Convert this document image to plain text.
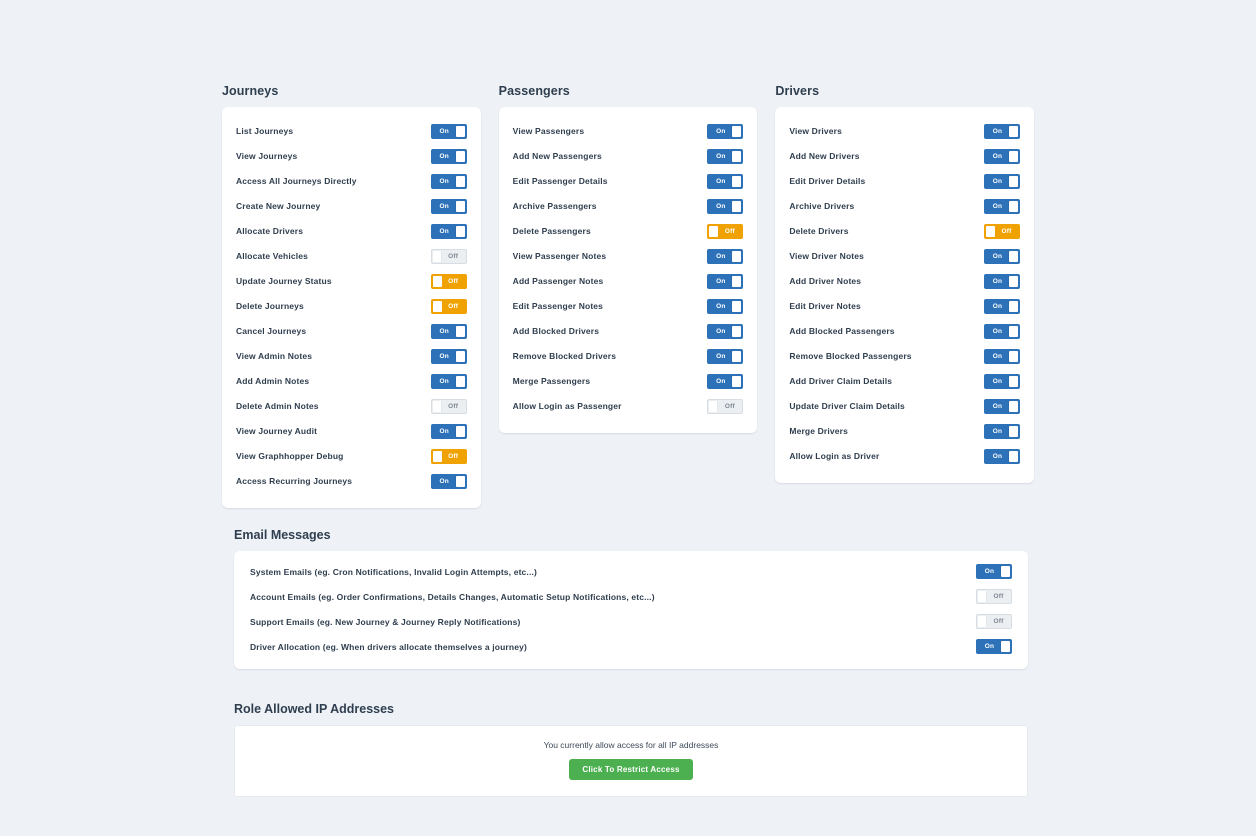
Journeys
List Journeys	On
View Journeys	On
Access All Journeys Directly	On
Create New Journey	On
Allocate Drivers	On
Allocate Vehicles	Off
Update Journey Status	Off
Delete Journeys	Off
Cancel Journeys	On
View Admin Notes	On
Add Admin Notes	On
Delete Admin Notes	Off
View Journey Audit	On
View Graphhopper Debug	Off
Access Recurring Journeys	On
Passengers
View Passengers	On
Add New Passengers	On
Edit Passenger Details	On
Archive Passengers	On
Delete Passengers	Off
View Passenger Notes	On
Add Passenger Notes	On
Edit Passenger Notes	On
Add Blocked Drivers	On
Remove Blocked Drivers	On
Merge Passengers	On
Allow Login as Passenger	Off
Drivers
View Drivers	On
Add New Drivers	On
Edit Driver Details	On
Archive Drivers	On
Delete Drivers	Off
View Driver Notes	On
Add Driver Notes	On
Edit Driver Notes	On
Add Blocked Passengers	On
Remove Blocked Passengers	On
Add Driver Claim Details	On
Update Driver Claim Details	On
Merge Drivers	On
Allow Login as Driver	On
Email Messages
System Emails (eg. Cron Notifications, Invalid Login Attempts, etc...)	On
Account Emails (eg. Order Confirmations, Details Changes, Automatic Setup Notifications, etc...)	Off
Support Emails (eg. New Journey & Journey Reply Notifications)	Off
Driver Allocation (eg. When drivers allocate themselves a journey)	On
Role Allowed IP Addresses
You currently allow access for all IP addresses
Click To Restrict Access
